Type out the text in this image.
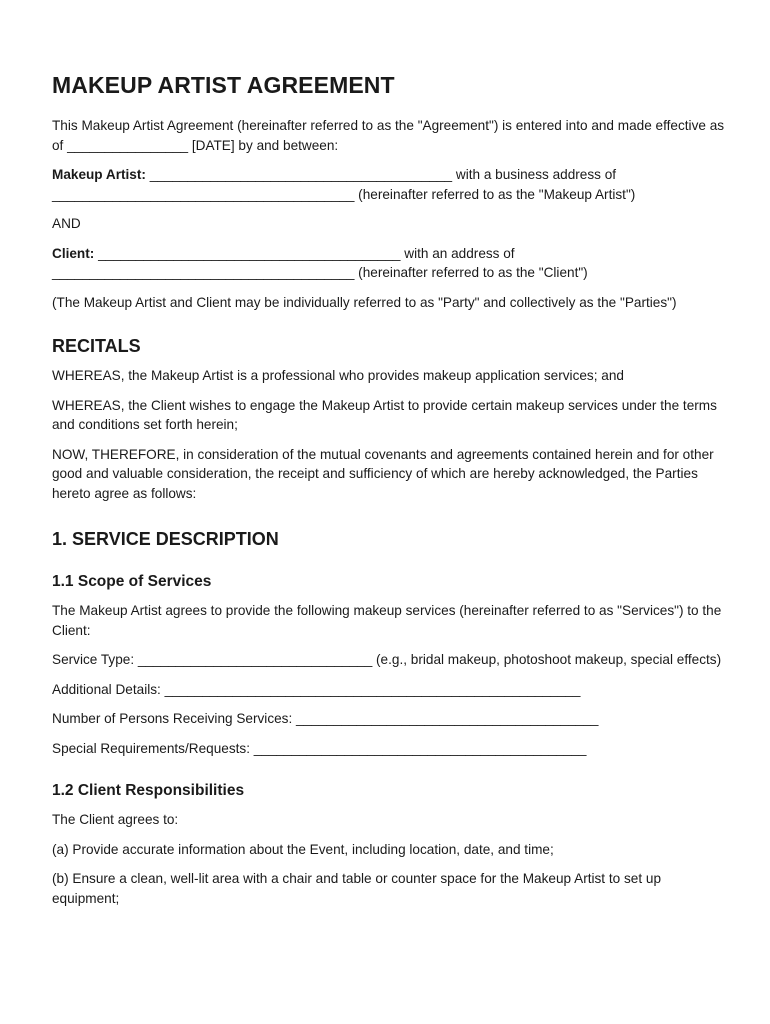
MAKEUP ARTIST AGREEMENT

This Makeup Artist Agreement (hereinafter referred to as the "Agreement") is entered into and made effective as of ________________ [DATE] by and between:

Makeup Artist: ________________________________________ with a business address of
________________________________________ (hereinafter referred to as the "Makeup Artist")

AND

Client: ________________________________________ with an address of
________________________________________ (hereinafter referred to as the "Client")

(The Makeup Artist and Client may be individually referred to as "Party" and collectively as the "Parties")

RECITALS

WHEREAS, the Makeup Artist is a professional who provides makeup application services; and

WHEREAS, the Client wishes to engage the Makeup Artist to provide certain makeup services under the terms and conditions set forth herein;

NOW, THEREFORE, in consideration of the mutual covenants and agreements contained herein and for other good and valuable consideration, the receipt and sufficiency of which are hereby acknowledged, the Parties hereto agree as follows:

1. SERVICE DESCRIPTION
1.1 Scope of Services

The Makeup Artist agrees to provide the following makeup services (hereinafter referred to as "Services") to the Client:

Service Type: _______________________________ (e.g., bridal makeup, photoshoot makeup, special effects)

Additional Details: _______________________________________________________

Number of Persons Receiving Services: ________________________________________

Special Requirements/Requests: ____________________________________________

1.2 Client Responsibilities

The Client agrees to:

(a) Provide accurate information about the Event, including location, date, and time;

(b) Ensure a clean, well-lit area with a chair and table or counter space for the Makeup Artist to set up equipment;
